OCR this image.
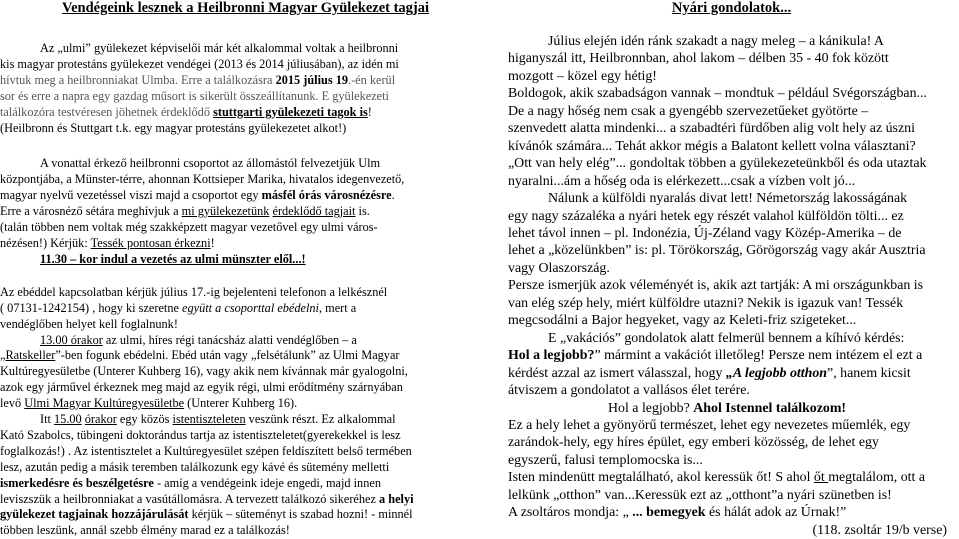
Vendégeink lesznek a Heilbronni Magyar Gyülekezet tagjai
Az „ulmi” gyülekezet képviselői már két alkalommal voltak a heilbronni
kis magyar protestáns gyülekezet vendégei (2013 és 2014 júliusában), az idén mi
hívtuk meg a heilbronniakat Ulmba. Erre a találkozásra 2015 július 19.-én kerül
sor és erre a napra egy gazdag műsort is sikerült összeállítanunk. E gyülekezeti
találkozóra testvéresen jöhetnek érdeklődő stuttgarti gyülekezeti tagok is!
(Heilbronn és Stuttgart t.k. egy magyar protestáns gyülekezetet alkot!)
A vonattal érkező heilbronni csoportot az állomástól felvezetjük Ulm
központjába, a Münster-térre, ahonnan Kottsieper Marika, hivatalos idegenvezető,
magyar nyelvű vezetéssel viszi majd a csoportot egy másfél órás városnézésre.
Erre a városnéző sétára meghívjuk a mi gyülekezetünk érdeklődő tagjait is.
(talán többen nem voltak még szakképzett magyar vezetővel egy ulmi város-
nézésen!) Kérjük: Tessék pontosan érkezni!
11.30 – kor indul a vezetés az ulmi münszter elől...!
Az ebéddel kapcsolatban kérjük július 17.-ig bejelenteni telefonon a lelkésznél
( 07131-1242154) , hogy ki szeretne együtt a csoporttal ebédelni, mert a
vendéglőben helyet kell foglalnunk!
13.00 órakor az ulmi, híres régi tanácsház alatti vendéglőben – a
„Ratskeller”-ben fogunk ebédelni. Ebéd után vagy „felsétálunk” az Ulmi Magyar
Kultúregyesületbe (Unterer Kuhberg 16), vagy akik nem kívánnak már gyalogolni,
azok egy járművel érkeznek meg majd az egyik régi, ulmi erődítmény szárnyában
levő Ulmi Magyar Kultúregyesületbe (Unterer Kuhberg 16).
Itt 15.00 órakor egy közös istentiszteleten veszünk részt. Ez alkalommal
Kató Szabolcs, tübingeni doktorándus tartja az istentiszteletet(gyerekekkel is lesz
foglalkozás!) . Az istentisztelet a Kultúregyesület szépen feldíszített belső termében
lesz, azután pedig a másik teremben találkozunk egy kávé és sütemény melletti
ismerkedésre és beszélgetésre - amíg a vendégeink ideje engedi, majd innen
leviszszük a heilbronniakat a vasútállomásra. A tervezett találkozó sikeréhez a helyi
gyülekezet tagjainak hozzájárulását kérjük – süteményt is szabad hozni! - minnél
többen leszünk, annál szebb élmény marad ez a találkozás!
Nyári gondolatok...
Július elején idén ránk szakadt a nagy meleg – a kánikula! A
higanyszál itt, Heilbronnban, ahol lakom – délben 35 - 40 fok között
mozgott – közel egy hétig!
Boldogok, akik szabadságon vannak – mondtuk – például Svégországban...
De a nagy hőség nem csak a gyengébb szervezetűeket gyötörte –
szenvedett alatta mindenki... a szabadtéri fürdőben alig volt hely az úszni
kívánók számára... Tehát akkor mégis a Balatont kellett volna választani?
„Ott van hely elég”... gondoltak többen a gyülekezeteünkből és oda utaztak
nyaralni...ám a hőség oda is elérkezett...csak a vízben volt jó...
Nálunk a külföldi nyaralás divat lett! Németország lakosságának
egy nagy százaléka a nyári hetek egy részét valahol külföldön tölti... ez
lehet távol innen – pl. Indonézia, Új-Zéland vagy Közép-Amerika – de
lehet a „közelünkben” is: pl. Törökország, Görögország vagy akár Ausztria
vagy Olaszország.
Persze ismerjük azok véleményét is, akik azt tartják: A mi országunkban is
van elég szép hely, miért külföldre utazni? Nekik is igazuk van! Tessék
megcsodálni a Bajor hegyeket, vagy az Keleti-friz szigeteket...
E „vakációs” gondolatok alatt felmerül bennem a kíhívó kérdés:
Hol a legjobb?” mármint a vakációt illetőleg! Persze nem intézem el ezt a
kérdést azzal az ismert válasszal, hogy „A legjobb otthon”, hanem kicsit
átviszem a gondolatot a vallásos élet terére.
Hol a legjobb? Ahol Istennel találkozom!
Ez a hely lehet a gyönyörű természet, lehet egy nevezetes műemlék, egy
zarándok-hely, egy híres épület, egy emberi közösség, de lehet egy
egyszerű, falusi templomocska is...
Isten mindenütt megtalálható, akol keressük őt! S ahol őt megtalálom, ott a
lelkünk „otthon” van...Keressük ezt az „otthont”a nyári szünetben is!
A zsoltáros mondja: „ ... bemegyek és hálát adok az Úrnak!”
(118. zsoltár 19/b verse)
